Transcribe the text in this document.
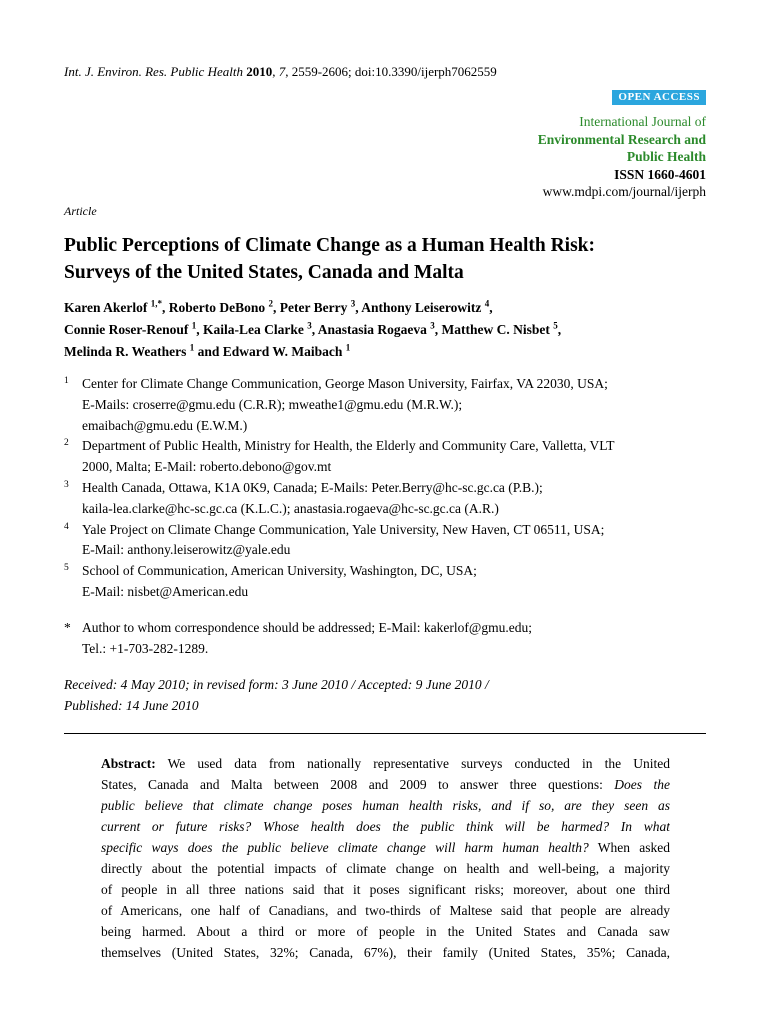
Int. J. Environ. Res. Public Health 2010, 7, 2559-2606; doi:10.3390/ijerph7062559
OPEN ACCESS
International Journal of
Environmental Research and
Public Health
ISSN 1660-4601
www.mdpi.com/journal/ijerph
Article
Public Perceptions of Climate Change as a Human Health Risk:
Surveys of the United States, Canada and Malta
Karen Akerlof $^{1,*}$, Roberto DeBono $^2$, Peter Berry $^3$, Anthony Leiserowitz $^4$,
Connie Roser-Renouf $^1$, Kaila-Lea Clarke $^3$, Anastasia Rogaeva $^3$, Matthew C. Nisbet $^5$,
Melinda R. Weathers $^1$ and Edward W. Maibach $^1$
1 Center for Climate Change Communication, George Mason University, Fairfax, VA 22030, USA;
E-Mails: croserre@gmu.edu (C.R.R); mweathe1@gmu.edu (M.R.W.);
emaibach@gmu.edu (E.W.M.)
2 Department of Public Health, Ministry for Health, the Elderly and Community Care, Valletta, VLT
2000, Malta; E-Mail: roberto.debono@gov.mt
3 Health Canada, Ottawa, K1A 0K9, Canada; E-Mails: Peter.Berry@hc-sc.gc.ca (P.B.);
kaila-lea.clarke@hc-sc.gc.ca (K.L.C.); anastasia.rogaeva@hc-sc.gc.ca (A.R.)
4 Yale Project on Climate Change Communication, Yale University, New Haven, CT 06511, USA;
E-Mail: anthony.leiserowitz@yale.edu
5 School of Communication, American University, Washington, DC, USA;
E-Mail: nisbet@American.edu
* Author to whom correspondence should be addressed; E-Mail: kakerlof@gmu.edu;
Tel.: +1-703-282-1289.
Received: 4 May 2010; in revised form: 3 June 2010 / Accepted: 9 June 2010 /
Published: 14 June 2010
Abstract: We used data from nationally representative surveys conducted in the United
States, Canada and Malta between 2008 and 2009 to answer three questions: Does the
public believe that climate change poses human health risks, and if so, are they seen as
current or future risks? Whose health does the public think will be harmed? In what
specific ways does the public believe climate change will harm human health? When asked
directly about the potential impacts of climate change on health and well-being, a majority
of people in all three nations said that it poses significant risks; moreover, about one third
of Americans, one half of Canadians, and two-thirds of Maltese said that people are already
being harmed. About a third or more of people in the United States and Canada saw
themselves (United States, 32%; Canada, 67%), their family (United States, 35%; Canada,
